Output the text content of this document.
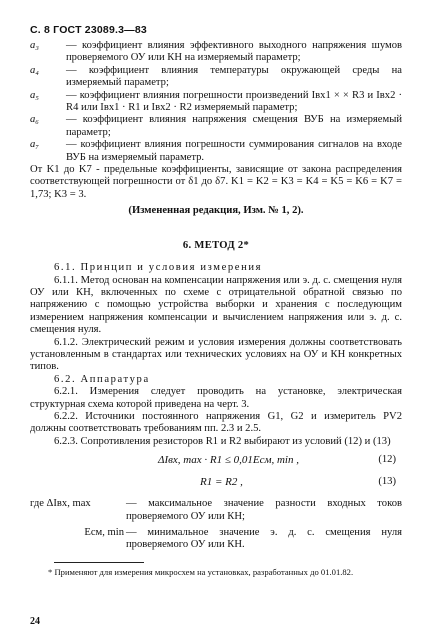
С. 8 ГОСТ 23089.3—83
a₃	— коэффициент влияния эффективного выходного напряжения шумов проверяемого ОУ или КН на измеряемый параметр;
a₄	— коэффициент влияния температуры окружающей среды на измеряемый параметр;
a₅	— коэффициент влияния погрешности произведений Iвх1 × × R3 и Iвх2 · R4 или Iвх1 · R1 и Iвх2 · R2 измеряемый параметр;
a₆	— коэффициент влияния напряжения смещения ВУБ на измеряемый параметр;
a₇	— коэффициент влияния погрешности суммирования сигналов на входе ВУБ на измеряемый параметр.
От K1 до K7 - предельные коэффициенты, зависящие от закона распределения соответствующей погрешности от δ1 до δ7. K1 = K2 = K3 = K4 = K5 = K6 = K7 = 1,73; K3 = 3.
(Измененная редакция, Изм. № 1, 2).
6. МЕТОД 2*

6.1. Принцип и условия измерения

6.1.1. Метод основан на компенсации напряжения или э. д. с. смещения нуля ОУ или КН, включенных по схеме с отрицательной обратной связью по напряжению с помощью устройства выборки и хранения с последующим измерением напряжения компенсации и вычислением напряжения или э. д. с. смещения нуля.

6.1.2. Электрический режим и условия измерения должны соответствовать установленным в стандартах или технических условиях на ОУ и КН конкретных типов.

6.2. Аппаратура

6.2.1. Измерения следует проводить на установке, электрическая структурная схема которой приведена на черт. 3.

6.2.2. Источники постоянного напряжения G1, G2 и измеритель PV2 должны соответствовать требованиям пп. 2.3 и 2.5.

6.2.3. Сопротивления резисторов R1 и R2 выбирают из условий (12) и (13)

ΔIвх, max · R1 ≤ 0,01Eсм, min ,	(12)
R1 = R2 ,	(13)
где ΔIвх, max	— максимальное значение разности входных токов проверяемого ОУ или КН;
Eсм, min — минимальное значение э. д. с. смещения нуля проверяемого ОУ или КН.

* Применяют для измерения микросхем на установках, разработанных до 01.01.82.

24
